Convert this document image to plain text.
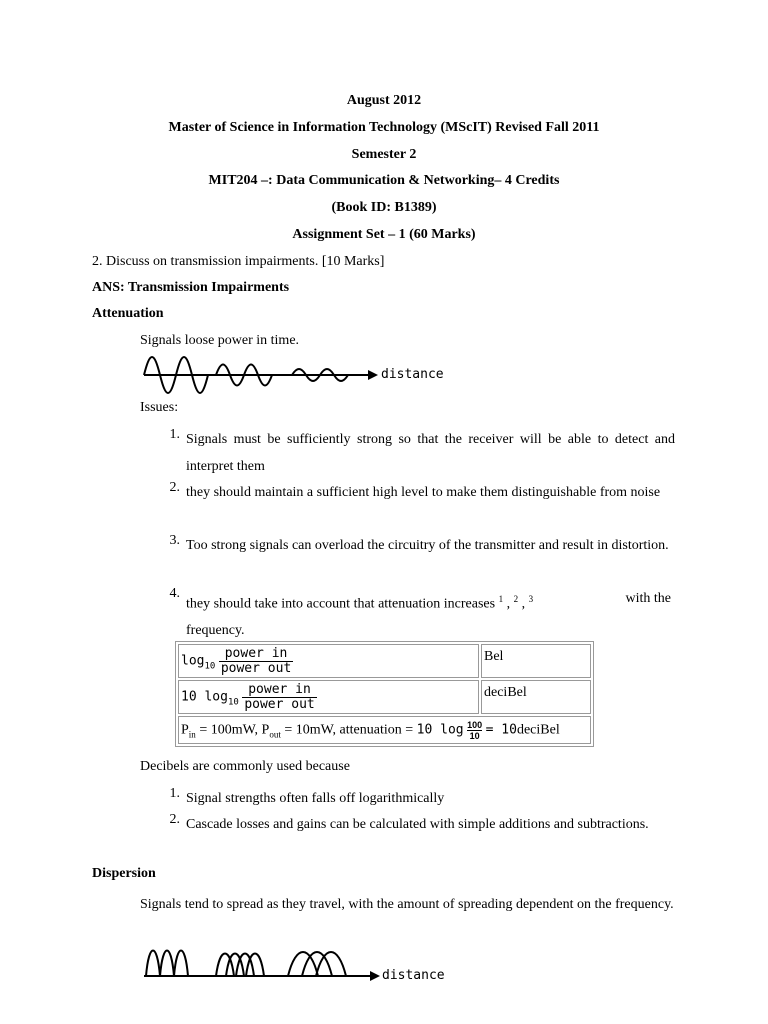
August 2012
Master of Science in Information Technology (MScIT) Revised Fall 2011
Semester 2
MIT204 –: Data Communication & Networking– 4 Credits
(Book ID: B1389)
Assignment Set – 1 (60 Marks)
2. Discuss on transmission impairments. [10 Marks]
ANS: Transmission Impairments
Attenuation
Signals loose power in time.
distance
Issues:
1. Signals must be sufficiently strong so that the receiver will be able to detect and interpret them
2. they should maintain a sufficient high level to make them distinguishable from noise
3. Too strong signals can overload the circuitry of the transmitter and result in distortion.
4.
they should take into account that attenuation increases $^1$ , $^2$ , $^3$	with the

frequency.
$\log_{10} \frac{\text{power in}}{\text{power out}}$	Bel
10 $\log_{10} \frac{\text{power in}}{\text{power out}}$	deciBel
$P_{in} = 100mW$, $P_{out} = 10mW$, attenuation = 10 $\log \frac{100}{10}$ = 10deciBel	
Decibels are commonly used because
1. Signal strengths often falls off logarithmically
2. Cascade losses and gains can be calculated with simple additions and subtractions.
Dispersion
Signals tend to spread as they travel, with the amount of spreading dependent on the frequency.
distance
